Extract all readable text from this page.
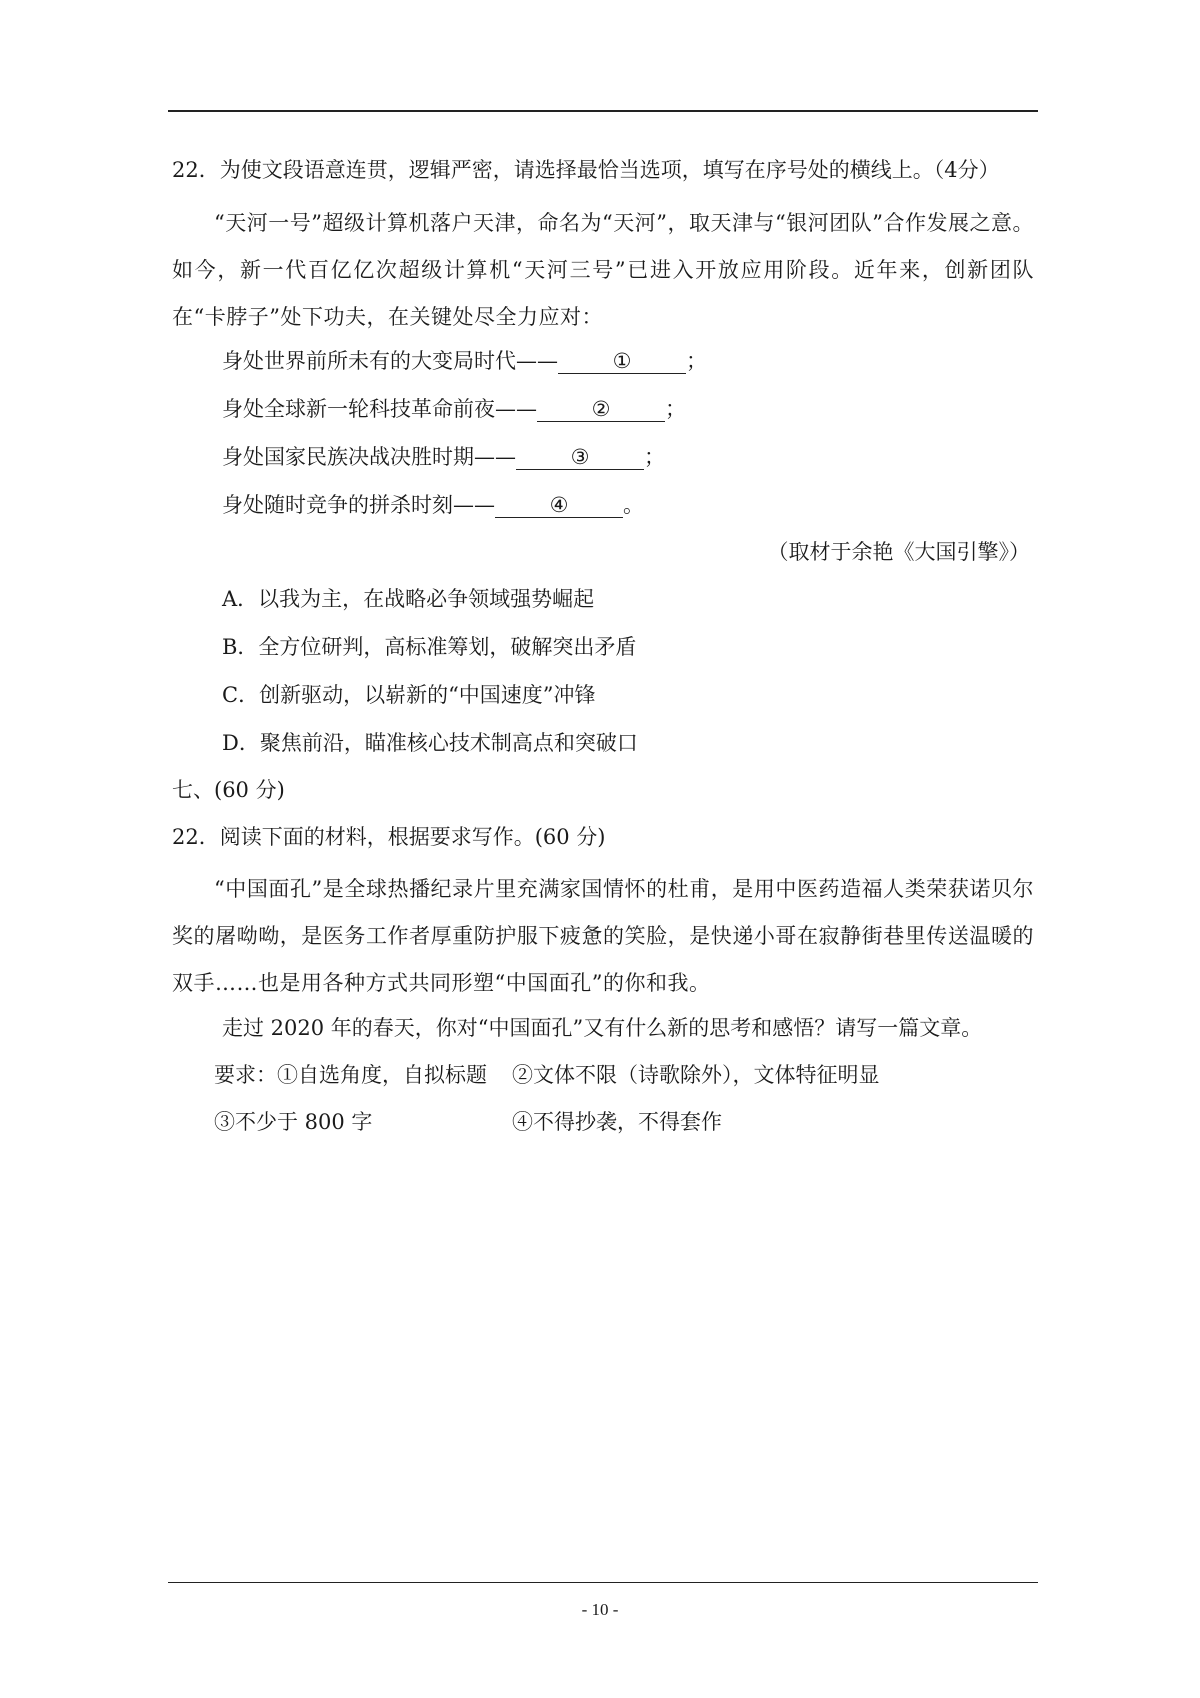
22．为使文段语意连贯，逻辑严密，请选择最恰当选项，填写在序号处的横线上。（4分）
“天河一号”超级计算机落户天津，命名为“天河”，取天津与“银河团队”合作发展之意。如今，新一代百亿亿次超级计算机“天河三号”已进入开放应用阶段。近年来，创新团队在“卡脖子”处下功夫，在关键处尽全力应对：
身处世界前所未有的大变局时代——	①	；
身处全球新一轮科技革命前夜——	②	；
身处国家民族决战决胜时期——	③	；
身处随时竞争的拼杀时刻——	④	。
（取材于余艳《大国引擎》）
A．以我为主，在战略必争领域强势崛起
B．全方位研判，高标准筹划，破解突出矛盾
C．创新驱动，以崭新的“中国速度”冲锋
D．聚焦前沿，瞄准核心技术制高点和突破口
七、(60 分)
22．阅读下面的材料，根据要求写作。(60 分)
“中国面孔”是全球热播纪录片里充满家国情怀的杜甫，是用中医药造福人类荣获诺贝尔奖的屠呦呦，是医务工作者厚重防护服下疲惫的笑脸，是快递小哥在寂静街巷里传送温暖的双手……也是用各种方式共同形塑“中国面孔”的你和我。
走过 2020 年的春天，你对“中国面孔”又有什么新的思考和感悟？请写一篇文章。
要求：①自选角度，自拟标题 ②文体不限（诗歌除外），文体特征明显
③不少于 800 字	④不得抄袭，不得套作
- 10 -
